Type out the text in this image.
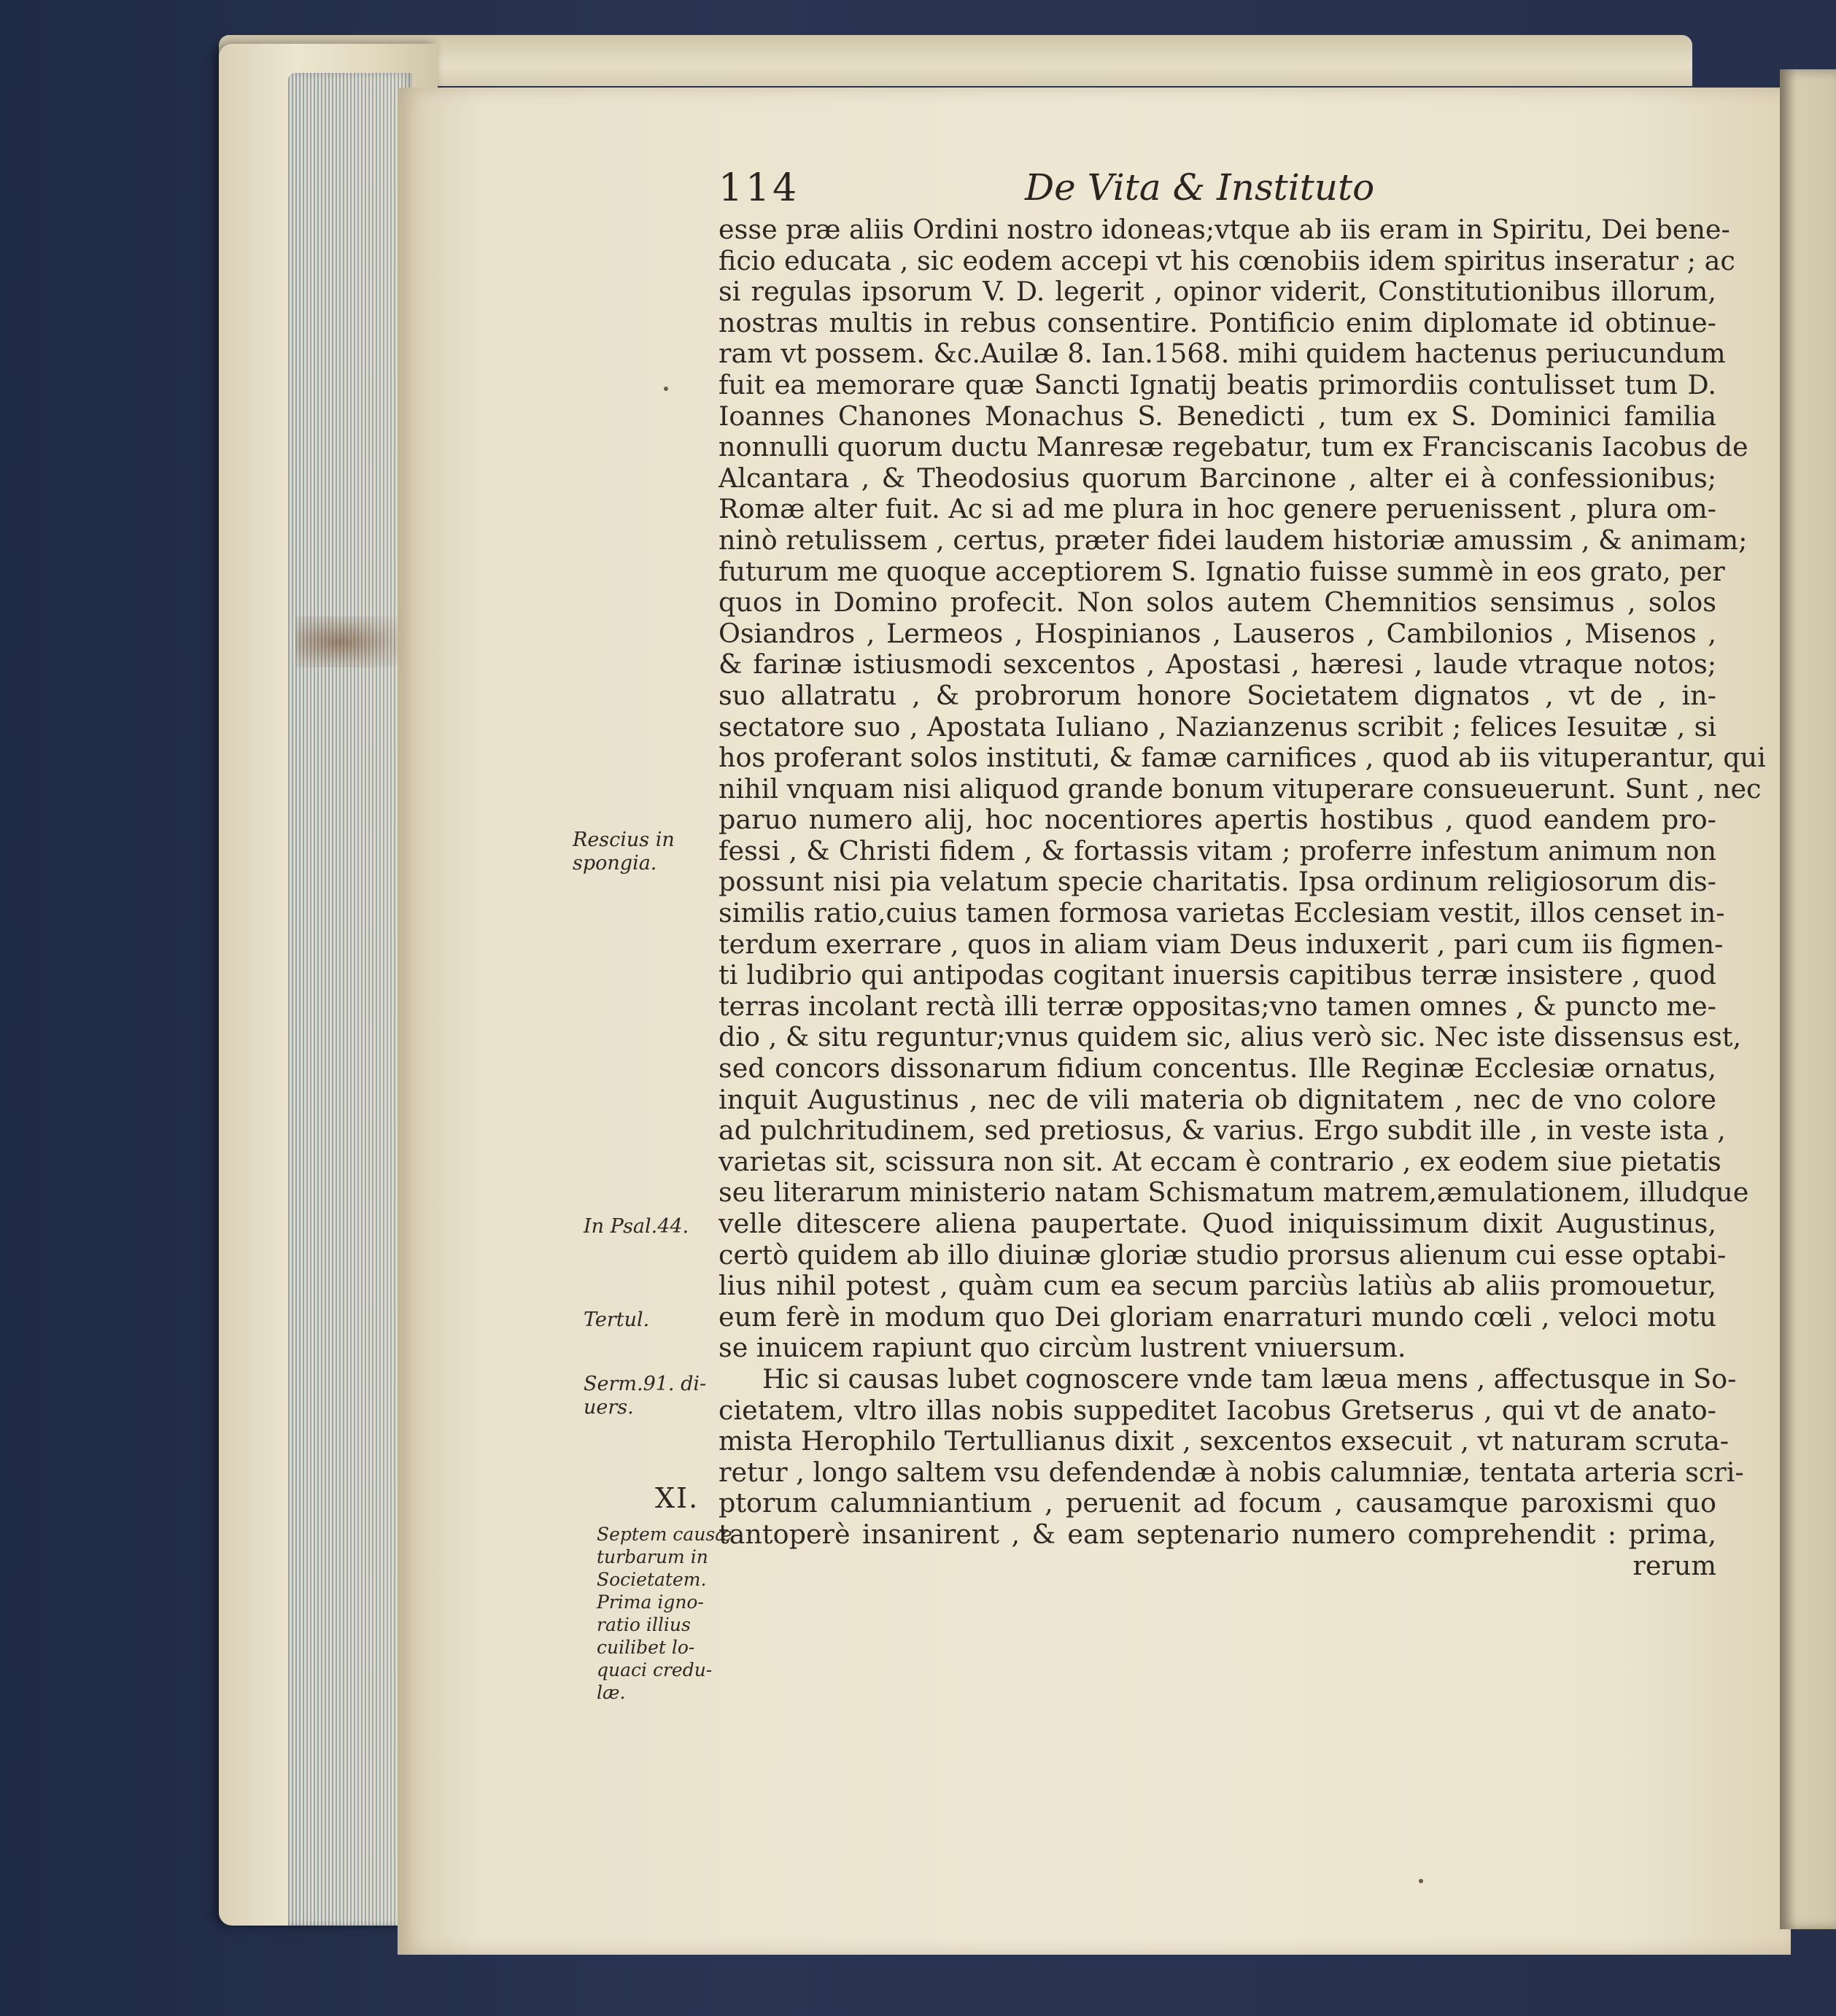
114	De Vita & Instituto
esse præ aliis Ordini nostro idoneas;vtque ab iis eram in Spiritu, Dei bene-
ficio educata , sic eodem accepi vt his cœnobiis idem spiritus inseratur ; ac
si regulas ipsorum V. D. legerit , opinor viderit, Constitutionibus illorum,
nostras multis in rebus consentire. Pontificio enim diplomate id obtinue-
ram vt possem. &c.Auilæ 8. Ian.1568. mihi quidem hactenus periucundum
fuit ea memorare quæ Sancti Ignatij beatis primordiis contulisset tum D.
Ioannes Chanones Monachus S. Benedicti , tum ex S. Dominici familia
nonnulli quorum ductu Manresæ regebatur, tum ex Franciscanis Iacobus de
Alcantara , & Theodosius quorum Barcinone , alter ei à confessionibus;
Romæ alter fuit. Ac si ad me plura in hoc genere peruenissent , plura om-
ninò retulissem , certus, præter fidei laudem historiæ amussim , & animam;
futurum me quoque acceptiorem S. Ignatio fuisse summè in eos grato, per
quos in Domino profecit. Non solos autem Chemnitios sensimus , solos
Osiandros , Lermeos , Hospinianos , Lauseros , Cambilonios , Misenos ,
& farinæ istiusmodi sexcentos , Apostasi , hæresi , laude vtraque notos;
suo allatratu , & probrorum honore Societatem dignatos , vt de , in-
sectatore suo , Apostata Iuliano , Nazianzenus scribit ; felices Iesuitæ , si
hos proferant solos instituti, & famæ carnifices , quod ab iis vituperantur, qui
nihil vnquam nisi aliquod grande bonum vituperare consueuerunt. Sunt , nec
paruo numero alij, hoc nocentiores apertis hostibus , quod eandem pro-
fessi , & Christi fidem , & fortassis vitam ; proferre infestum animum non
possunt nisi pia velatum specie charitatis. Ipsa ordinum religiosorum dis-
similis ratio,cuius tamen formosa varietas Ecclesiam vestit, illos censet in-
terdum exerrare , quos in aliam viam Deus induxerit , pari cum iis figmen-
ti ludibrio qui antipodas cogitant inuersis capitibus terræ insistere , quod
terras incolant rectà illi terræ oppositas;vno tamen omnes , & puncto me-
dio , & situ reguntur;vnus quidem sic, alius verò sic. Nec iste dissensus est,
sed concors dissonarum fidium concentus. Ille Reginæ Ecclesiæ ornatus,
inquit Augustinus , nec de vili materia ob dignitatem , nec de vno colore
ad pulchritudinem, sed pretiosus, & varius. Ergo subdit ille , in veste ista ,
varietas sit, scissura non sit. At eccam è contrario , ex eodem siue pietatis
seu literarum ministerio natam Schismatum matrem,æmulationem, illudque
velle ditescere aliena paupertate. Quod iniquissimum dixit Augustinus,
certò quidem ab illo diuinæ gloriæ studio prorsus alienum cui esse optabi-
lius nihil potest , quàm cum ea secum parciùs latiùs ab aliis promouetur,
eum ferè in modum quo Dei gloriam enarraturi mundo cœli , veloci motu
se inuicem rapiunt quo circùm lustrent vniuersum.
Hic si causas lubet cognoscere vnde tam læua mens , affectusque in So-
cietatem, vltro illas nobis suppeditet Iacobus Gretserus , qui vt de anato-
mista Herophilo Tertullianus dixit , sexcentos exsecuit , vt naturam scruta-
retur , longo saltem vsu defendendæ à nobis calumniæ, tentata arteria scri-
ptorum calumniantium , peruenit ad focum , causamque paroxismi quo
tantoperè insanirent , & eam septenario numero comprehendit : prima,
rerum
Rescius in
spongia.
In Psal.44.
Tertul.
Serm.91. di-
uers.
XI.
Septem causæ
turbarum in
Societatem.
Prima igno-
ratio illius
cuilibet lo-
quaci credu-
læ.
